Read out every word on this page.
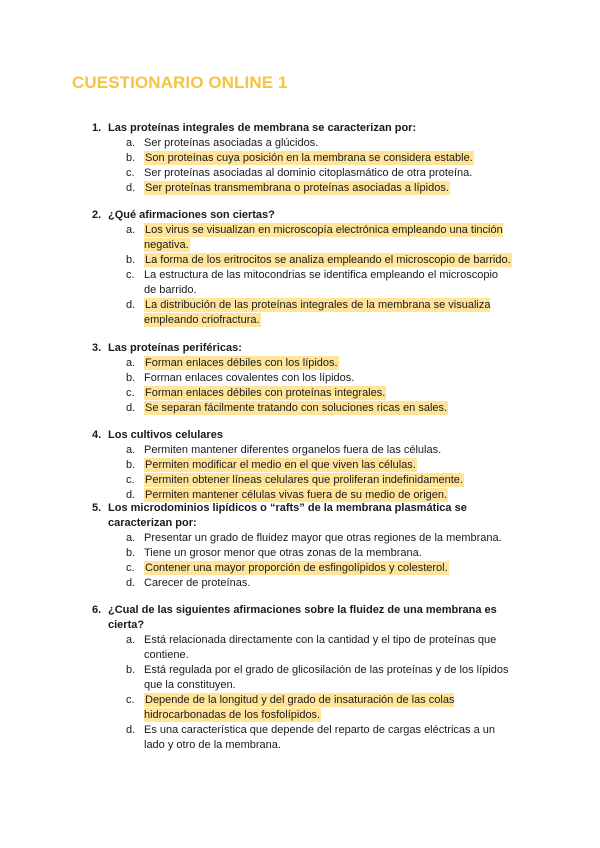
CUESTIONARIO ONLINE 1
1. Las proteínas integrales de membrana se caracterizan por:
a. Ser proteínas asociadas a glúcidos.
b. Son proteínas cuya posición en la membrana se considera estable.
c. Ser proteínas asociadas al dominio citoplasmático de otra proteína.
d. Ser proteínas transmembrana o proteínas asociadas a lípidos.
2. ¿Qué afirmaciones son ciertas?
a. Los virus se visualizan en microscopía electrónica empleando una tinción negativa.
b. La forma de los eritrocitos se analiza empleando el microscopio de barrido.
c. La estructura de las mitocondrias se identifica empleando el microscopio de barrido.
d. La distribución de las proteínas integrales de la membrana se visualiza empleando criofractura.
3. Las proteínas periféricas:
a. Forman enlaces débiles con los lípidos.
b. Forman enlaces covalentes con los lípidos.
c. Forman enlaces débiles con proteínas integrales.
d. Se separan fácilmente tratando con soluciones ricas en sales.
4. Los cultivos celulares
a. Permiten mantener diferentes organelos fuera de las células.
b. Permiten modificar el medio en el que viven las células.
c. Permiten obtener líneas celulares que proliferan indefinidamente.
d. Permiten mantener células vivas fuera de su medio de origen.
5. Los microdominios lipídicos o “rafts” de la membrana plasmática se caracterizan por:
a. Presentar un grado de fluidez mayor que otras regiones de la membrana.
b. Tiene un grosor menor que otras zonas de la membrana.
c. Contener una mayor proporción de esfingolípidos y colesterol.
d. Carecer de proteínas.
6. ¿Cual de las siguientes afirmaciones sobre la fluidez de una membrana es cierta?
a. Está relacionada directamente con la cantidad y el tipo de proteínas que contiene.
b. Está regulada por el grado de glicosilación de las proteínas y de los lípidos que la constituyen.
c. Depende de la longitud y del grado de insaturación de las colas hidrocarbonadas de los fosfolípidos.
d. Es una característica que depende del reparto de cargas eléctricas a un lado y otro de la membrana.
